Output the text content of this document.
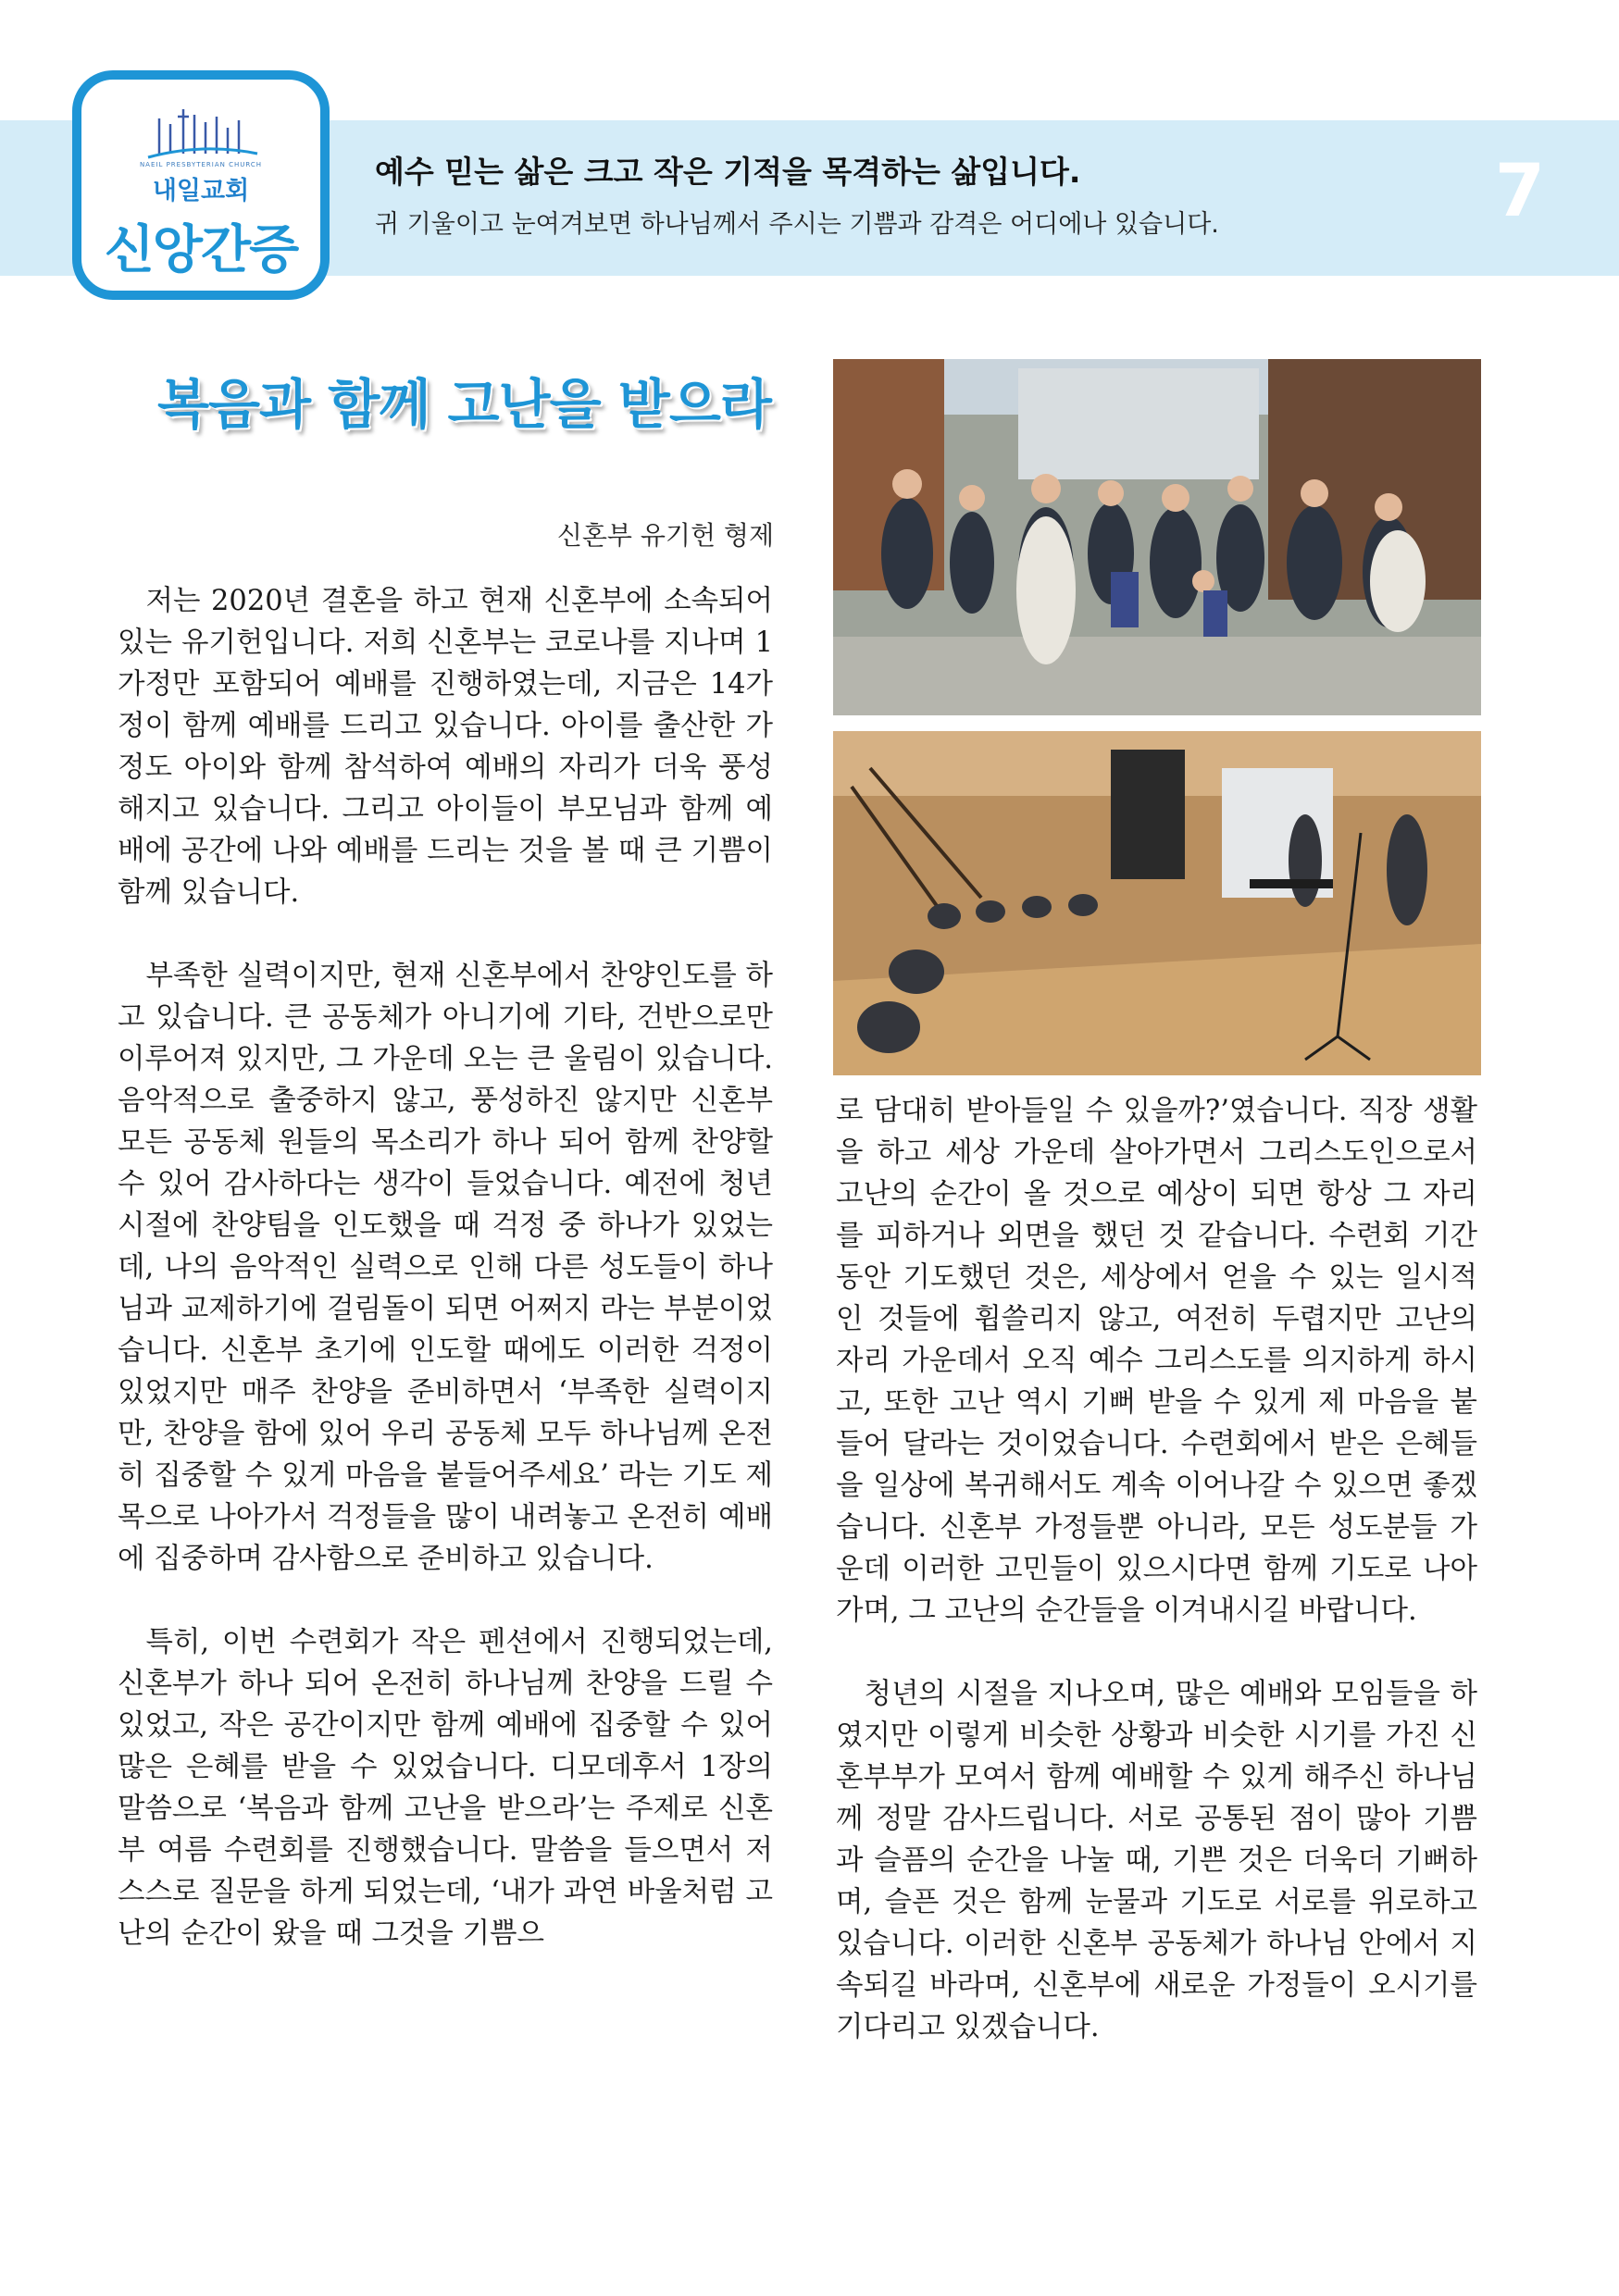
NAEIL PRESBYTERIAN CHURCH
내일교회
신앙간증
예수 믿는 삶은 크고 작은 기적을 목격하는 삶입니다.
귀 기울이고 눈여겨보면 하나님께서 주시는 기쁨과 감격은 어디에나 있습니다.	7
복음과 함께 고난을 받으라
신혼부 유기헌 형제

저는 2020년 결혼을 하고 현재 신혼부에 소속되어 있는 유기헌입니다. 저희 신혼부는 코로나를 지나며 1가정만 포함되어 예배를 진행하였는데, 지금은 14가정이 함께 예배를 드리고 있습니다. 아이를 출산한 가정도 아이와 함께 참석하여 예배의 자리가 더욱 풍성해지고 있습니다. 그리고 아이들이 부모님과 함께 예배에 공간에 나와 예배를 드리는 것을 볼 때 큰 기쁨이 함께 있습니다.

부족한 실력이지만, 현재 신혼부에서 찬양인도를 하고 있습니다. 큰 공동체가 아니기에 기타, 건반으로만 이루어져 있지만, 그 가운데 오는 큰 울림이 있습니다. 음악적으로 출중하지 않고, 풍성하진 않지만 신혼부 모든 공동체 원들의 목소리가 하나 되어 함께 찬양할 수 있어 감사하다는 생각이 들었습니다. 예전에 청년 시절에 찬양팀을 인도했을 때 걱정 중 하나가 있었는데, 나의 음악적인 실력으로 인해 다른 성도들이 하나님과 교제하기에 걸림돌이 되면 어쩌지 라는 부분이었습니다. 신혼부 초기에 인도할 때에도 이러한 걱정이 있었지만 매주 찬양을 준비하면서 ‘부족한 실력이지만, 찬양을 함에 있어 우리 공동체 모두 하나님께 온전히 집중할 수 있게 마음을 붙들어주세요’ 라는 기도 제목으로 나아가서 걱정들을 많이 내려놓고 온전히 예배에 집중하며 감사함으로 준비하고 있습니다.

특히, 이번 수련회가 작은 펜션에서 진행되었는데, 신혼부가 하나 되어 온전히 하나님께 찬양을 드릴 수 있었고, 작은 공간이지만 함께 예배에 집중할 수 있어 많은 은혜를 받을 수 있었습니다. 디모데후서 1장의 말씀으로 ‘복음과 함께 고난을 받으라’는 주제로 신혼부 여름 수련회를 진행했습니다. 말씀을 들으면서 저 스스로 질문을 하게 되었는데, ‘내가 과연 바울처럼 고난의 순간이 왔을 때 그것을 기쁨으

로 담대히 받아들일 수 있을까?’였습니다. 직장 생활을 하고 세상 가운데 살아가면서 그리스도인으로서 고난의 순간이 올 것으로 예상이 되면 항상 그 자리를 피하거나 외면을 했던 것 같습니다. 수련회 기간 동안 기도했던 것은, 세상에서 얻을 수 있는 일시적인 것들에 휩쓸리지 않고, 여전히 두렵지만 고난의 자리 가운데서 오직 예수 그리스도를 의지하게 하시고, 또한 고난 역시 기뻐 받을 수 있게 제 마음을 붙들어 달라는 것이었습니다. 수련회에서 받은 은혜들을 일상에 복귀해서도 계속 이어나갈 수 있으면 좋겠습니다. 신혼부 가정들뿐 아니라, 모든 성도분들 가운데 이러한 고민들이 있으시다면 함께 기도로 나아가며, 그 고난의 순간들을 이겨내시길 바랍니다.

청년의 시절을 지나오며, 많은 예배와 모임들을 하였지만 이렇게 비슷한 상황과 비슷한 시기를 가진 신혼부부가 모여서 함께 예배할 수 있게 해주신 하나님께 정말 감사드립니다. 서로 공통된 점이 많아 기쁨과 슬픔의 순간을 나눌 때, 기쁜 것은 더욱더 기뻐하며, 슬픈 것은 함께 눈물과 기도로 서로를 위로하고 있습니다. 이러한 신혼부 공동체가 하나님 안에서 지속되길 바라며, 신혼부에 새로운 가정들이 오시기를 기다리고 있겠습니다.
